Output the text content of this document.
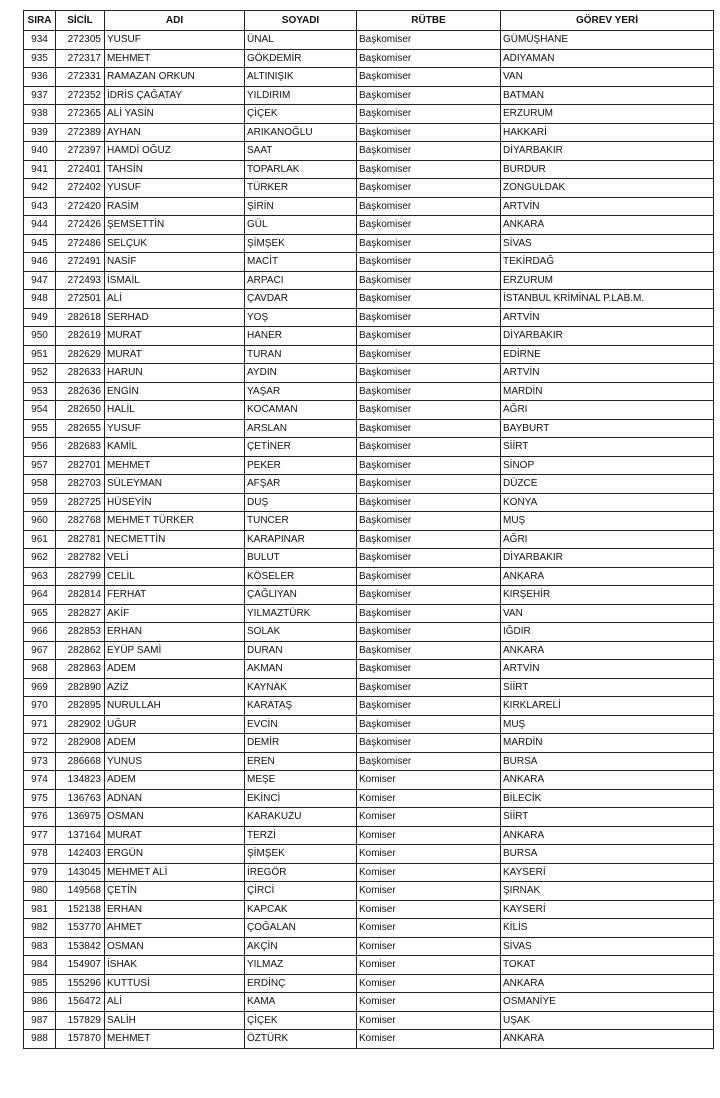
SIRA	SİCİL	ADI	SOYADI	RÜTBE	GÖREV YERİ
934	272305	YUSUF	ÜNAL	Başkomiser	GÜMÜŞHANE
935	272317	MEHMET	GÖKDEMİR	Başkomiser	ADIYAMAN
936	272331	RAMAZAN ORKUN	ALTINIŞIK	Başkomiser	VAN
937	272352	İDRİS ÇAĞATAY	YILDIRIM	Başkomiser	BATMAN
938	272365	ALİ YASİN	ÇİÇEK	Başkomiser	ERZURUM
939	272389	AYHAN	ARIKANOĞLU	Başkomiser	HAKKARİ
940	272397	HAMDİ OĞUZ	SAAT	Başkomiser	DİYARBAKIR
941	272401	TAHSİN	TOPARLAK	Başkomiser	BURDUR
942	272402	YUSUF	TÜRKER	Başkomiser	ZONGULDAK
943	272420	RASİM	ŞİRİN	Başkomiser	ARTVİN
944	272426	ŞEMSETTİN	GÜL	Başkomiser	ANKARA
945	272486	SELÇUK	ŞİMŞEK	Başkomiser	SİVAS
946	272491	NASİF	MACİT	Başkomiser	TEKİRDAĞ
947	272493	İSMAİL	ARPACI	Başkomiser	ERZURUM
948	272501	ALİ	ÇAVDAR	Başkomiser	İSTANBUL KRİMİNAL P.LAB.M.
949	282618	SERHAD	YOŞ	Başkomiser	ARTVİN
950	282619	MURAT	HANER	Başkomiser	DİYARBAKIR
951	282629	MURAT	TURAN	Başkomiser	EDİRNE
952	282633	HARUN	AYDIN	Başkomiser	ARTVİN
953	282636	ENGİN	YAŞAR	Başkomiser	MARDİN
954	282650	HALİL	KOCAMAN	Başkomiser	AĞRI
955	282655	YUSUF	ARSLAN	Başkomiser	BAYBURT
956	282683	KAMİL	ÇETİNER	Başkomiser	SİİRT
957	282701	MEHMET	PEKER	Başkomiser	SİNOP
958	282703	SÜLEYMAN	AFŞAR	Başkomiser	DÜZCE
959	282725	HÜSEYİN	DUŞ	Başkomiser	KONYA
960	282768	MEHMET TÜRKER	TUNCER	Başkomiser	MUŞ
961	282781	NECMETTİN	KARAPINAR	Başkomiser	AĞRI
962	282782	VELİ	BULUT	Başkomiser	DİYARBAKIR
963	282799	CELİL	KÖSELER	Başkomiser	ANKARA
964	282814	FERHAT	ÇAĞLIYAN	Başkomiser	KIRŞEHİR
965	282827	AKİF	YILMAZTÜRK	Başkomiser	VAN
966	282853	ERHAN	SOLAK	Başkomiser	IĞDIR
967	282862	EYÜP SAMİ	DURAN	Başkomiser	ANKARA
968	282863	ADEM	AKMAN	Başkomiser	ARTVİN
969	282890	AZİZ	KAYNAK	Başkomiser	SİİRT
970	282895	NURULLAH	KARATAŞ	Başkomiser	KIRKLARELİ
971	282902	UĞUR	EVCİN	Başkomiser	MUŞ
972	282908	ADEM	DEMİR	Başkomiser	MARDİN
973	286668	YUNUS	EREN	Başkomiser	BURSA
974	134823	ADEM	MEŞE	Komiser	ANKARA
975	136763	ADNAN	EKİNCİ	Komiser	BİLECİK
976	136975	OSMAN	KARAKUZU	Komiser	SİİRT
977	137164	MURAT	TERZİ	Komiser	ANKARA
978	142403	ERGÜN	ŞİMŞEK	Komiser	BURSA
979	143045	MEHMET ALİ	İREGÖR	Komiser	KAYSERİ
980	149568	ÇETİN	ÇİRCİ	Komiser	ŞIRNAK
981	152138	ERHAN	KAPCAK	Komiser	KAYSERİ
982	153770	AHMET	ÇOĞALAN	Komiser	KİLİS
983	153842	OSMAN	AKÇİN	Komiser	SİVAS
984	154907	İSHAK	YILMAZ	Komiser	TOKAT
985	155296	KUTTUSİ	ERDİNÇ	Komiser	ANKARA
986	156472	ALİ	KAMA	Komiser	OSMANİYE
987	157829	SALİH	ÇİÇEK	Komiser	UŞAK
988	157870	MEHMET	ÖZTÜRK	Komiser	ANKARA
